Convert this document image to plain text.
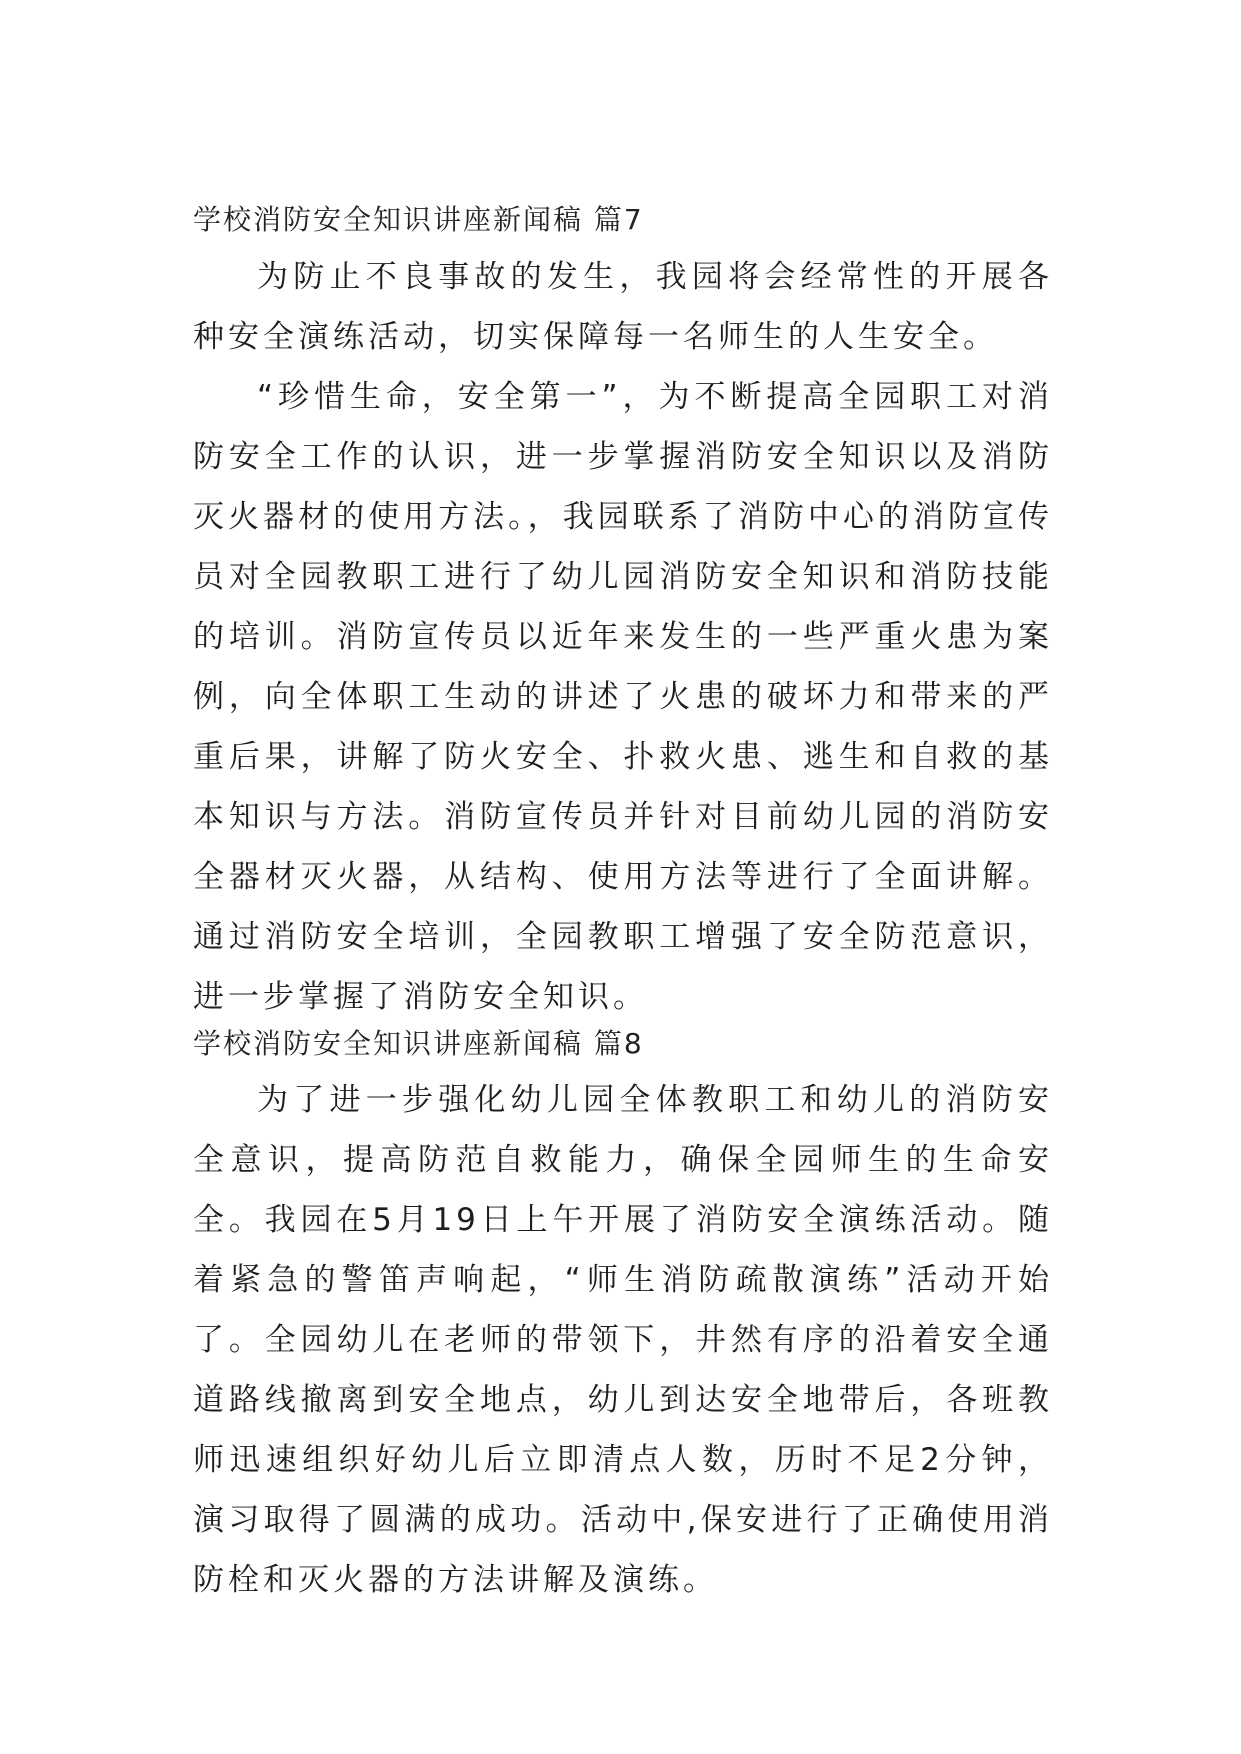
学校消防安全知识讲座新闻稿 篇7

为防止不良事故的发生，我园将会经常性的开展各种安全演练活动，切实保障每一名师生的人生安全。

“珍惜生命，安全第一”，为不断提高全园职工对消防安全工作的认识，进一步掌握消防安全知识以及消防灭火器材的使用方法。，我园联系了消防中心的消防宣传员对全园教职工进行了幼儿园消防安全知识和消防技能的培训。消防宣传员以近年来发生的一些严重火患为案例，向全体职工生动的讲述了火患的破坏力和带来的严重后果，讲解了防火安全、扑救火患、逃生和自救的基本知识与方法。消防宣传员并针对目前幼儿园的消防安全器材灭火器，从结构、使用方法等进行了全面讲解。通过消防安全培训，全园教职工增强了安全防范意识，进一步掌握了消防安全知识。

学校消防安全知识讲座新闻稿 篇8

为了进一步强化幼儿园全体教职工和幼儿的消防安全意识，提高防范自救能力，确保全园师生的生命安全。我园在5月19日上午开展了消防安全演练活动。随着紧急的警笛声响起，“师生消防疏散演练”活动开始了。全园幼儿在老师的带领下，井然有序的沿着安全通道路线撤离到安全地点，幼儿到达安全地带后，各班教师迅速组织好幼儿后立即清点人数，历时不足2分钟，演习取得了圆满的成功。活动中,保安进行了正确使用消防栓和灭火器的方法讲解及演练。
